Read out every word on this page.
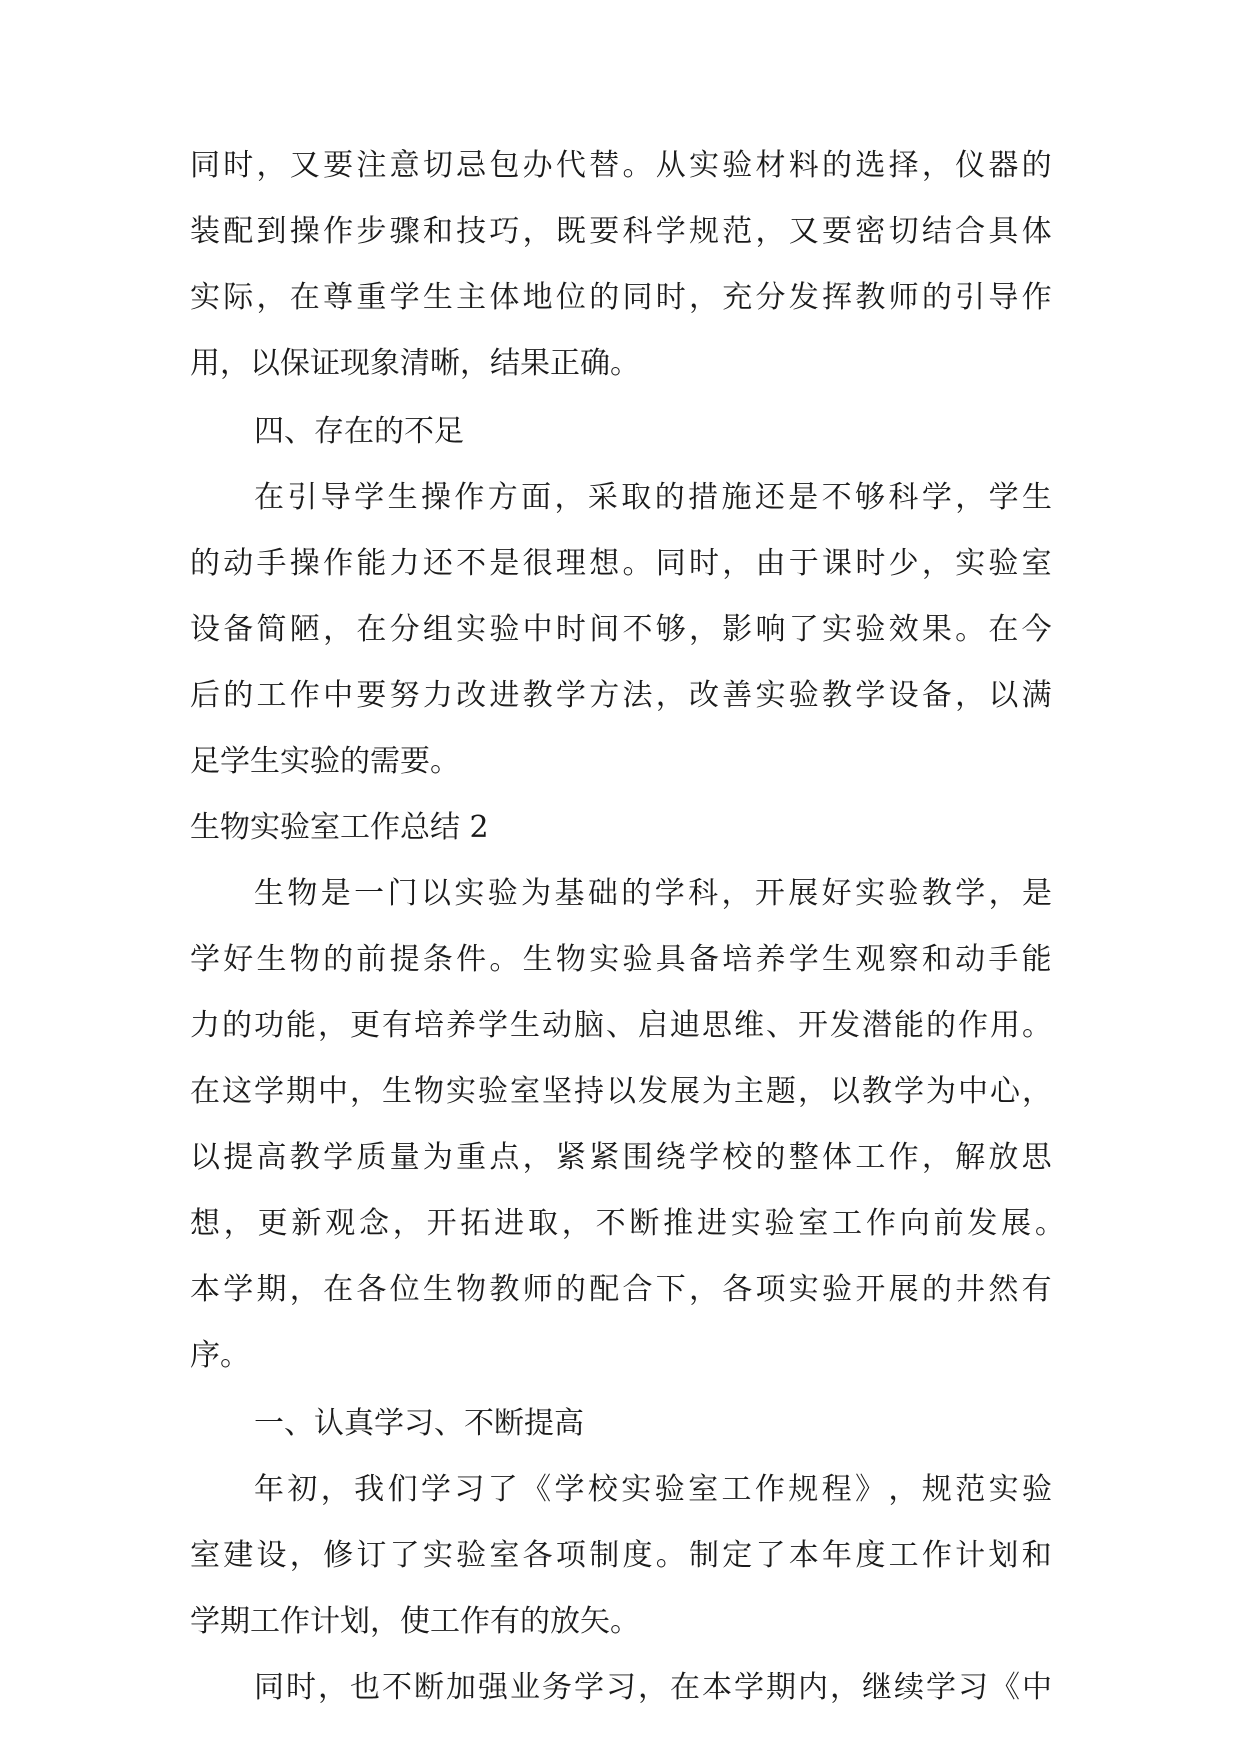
同 时 ， 又 要 注 意 切 忌 包 办 代 替 。 从 实 验 材 料 的 选 择 ， 仪 器 的
装 配 到 操 作 步 骤 和 技 巧 ， 既 要 科 学 规 范 ， 又 要 密 切 结 合 具 体
实 际 ， 在 尊 重 学 生 主 体 地 位 的 同 时 ， 充 分 发 挥 教 师 的 引 导 作
用，以保证现象清晰，结果正确。
四、存在的不足
在 引 导 学 生 操 作 方 面 ， 采 取 的 措 施 还 是 不 够 科 学 ， 学 生
的 动 手 操 作 能 力 还 不 是 很 理 想 。 同 时 ， 由 于 课 时 少 ， 实 验 室
设 备 简 陋 ， 在 分 组 实 验 中 时 间 不 够 ， 影 响 了 实 验 效 果 。 在 今
后 的 工 作 中 要 努 力 改 进 教 学 方 法 ， 改 善 实 验 教 学 设 备 ， 以 满
足学生实验的需要。
生物实验室工作总结 2
生 物 是 一 门 以 实 验 为 基 础 的 学 科 ， 开 展 好 实 验 教 学 ， 是
学 好 生 物 的 前 提 条 件 。 生 物 实 验 具 备 培 养 学 生 观 察 和 动 手 能
力 的 功 能 ， 更 有 培 养 学 生 动 脑 、 启 迪 思 维 、 开 发 潜 能 的 作 用 。
在 这 学 期 中 ， 生 物 实 验 室 坚 持 以 发 展 为 主 题 ， 以 教 学 为 中 心 ，
以 提 高 教 学 质 量 为 重 点 ， 紧 紧 围 绕 学 校 的 整 体 工 作 ， 解 放 思
想 ， 更 新 观 念 ， 开 拓 进 取 ， 不 断 推 进 实 验 室 工 作 向 前 发 展 。
本 学 期 ， 在 各 位 生 物 教 师 的 配 合 下 ， 各 项 实 验 开 展 的 井 然 有
序。
一、认真学习、不断提高
年 初 ， 我 们 学 习 了 《 学 校 实 验 室 工 作 规 程 》 ， 规 范 实 验
室 建 设 ， 修 订 了 实 验 室 各 项 制 度 。 制 定 了 本 年 度 工 作 计 划 和
学期工作计划，使工作有的放矢。
同 时 ， 也 不 断 加 强 业 务 学 习 ， 在 本 学 期 内 ， 继 续 学 习 《 中
